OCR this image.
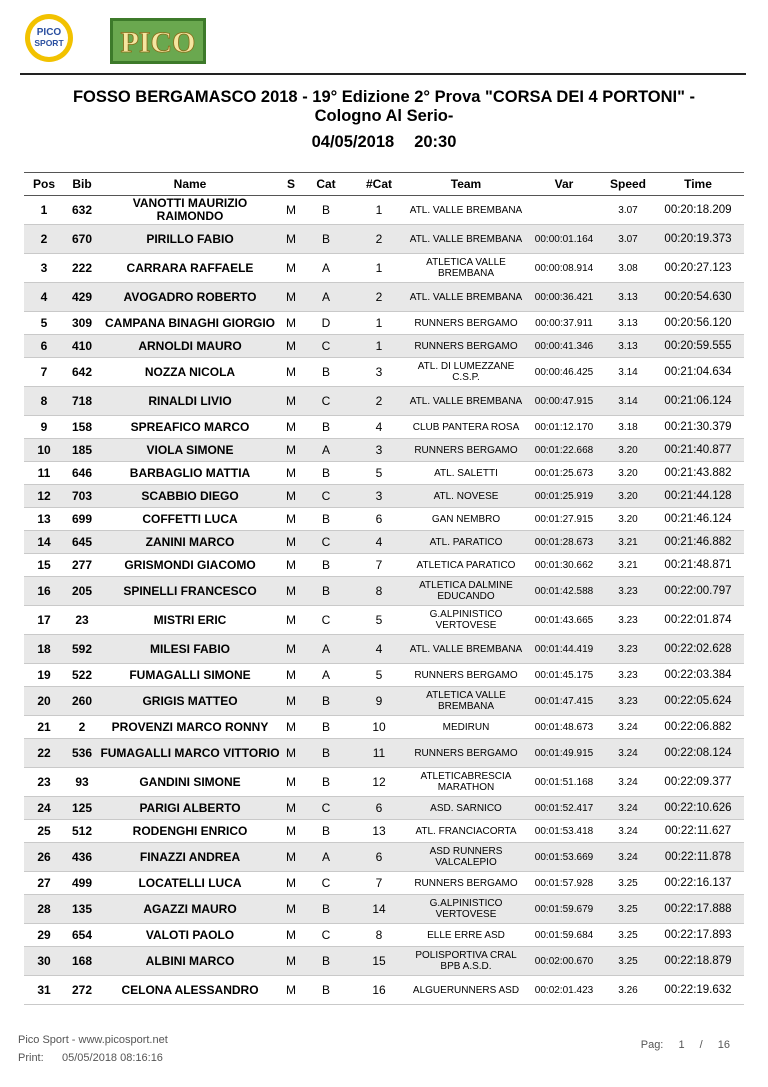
PICO
SPORT PICO
FOSSO BERGAMASCO 2018 - 19° Edizione 2° Prova "CORSA DEI 4 PORTONI" - Cologno Al Serio-
04/05/2018 20:30
Pos	Bib	Name	S	Cat	#Cat	Team	Var	Speed	Time
1	632	VANOTTI MAURIZIO RAIMONDO	M	B	1	ATL. VALLE BREMBANA		3.07	00:20:18.209
2	670	PIRILLO FABIO	M	B	2	ATL. VALLE BREMBANA	00:00:01.164	3.07	00:20:19.373
3	222	CARRARA RAFFAELE	M	A	1	ATLETICA VALLE BREMBANA	00:00:08.914	3.08	00:20:27.123
4	429	AVOGADRO ROBERTO	M	A	2	ATL. VALLE BREMBANA	00:00:36.421	3.13	00:20:54.630
5	309	CAMPANA BINAGHI GIORGIO	M	D	1	RUNNERS BERGAMO	00:00:37.911	3.13	00:20:56.120
6	410	ARNOLDI MAURO	M	C	1	RUNNERS BERGAMO	00:00:41.346	3.13	00:20:59.555
7	642	NOZZA NICOLA	M	B	3	ATL. DI LUMEZZANE C.S.P.	00:00:46.425	3.14	00:21:04.634
8	718	RINALDI LIVIO	M	C	2	ATL. VALLE BREMBANA	00:00:47.915	3.14	00:21:06.124
9	158	SPREAFICO MARCO	M	B	4	CLUB PANTERA ROSA	00:01:12.170	3.18	00:21:30.379
10	185	VIOLA SIMONE	M	A	3	RUNNERS BERGAMO	00:01:22.668	3.20	00:21:40.877
11	646	BARBAGLIO MATTIA	M	B	5	ATL. SALETTI	00:01:25.673	3.20	00:21:43.882
12	703	SCABBIO DIEGO	M	C	3	ATL. NOVESE	00:01:25.919	3.20	00:21:44.128
13	699	COFFETTI LUCA	M	B	6	GAN NEMBRO	00:01:27.915	3.20	00:21:46.124
14	645	ZANINI MARCO	M	C	4	ATL. PARATICO	00:01:28.673	3.21	00:21:46.882
15	277	GRISMONDI GIACOMO	M	B	7	ATLETICA PARATICO	00:01:30.662	3.21	00:21:48.871
16	205	SPINELLI FRANCESCO	M	B	8	ATLETICA DALMINE EDUCANDO	00:01:42.588	3.23	00:22:00.797
17	23	MISTRI ERIC	M	C	5	G.ALPINISTICO VERTOVESE	00:01:43.665	3.23	00:22:01.874
18	592	MILESI FABIO	M	A	4	ATL. VALLE BREMBANA	00:01:44.419	3.23	00:22:02.628
19	522	FUMAGALLI SIMONE	M	A	5	RUNNERS BERGAMO	00:01:45.175	3.23	00:22:03.384
20	260	GRIGIS MATTEO	M	B	9	ATLETICA VALLE BREMBANA	00:01:47.415	3.23	00:22:05.624
21	2	PROVENZI MARCO RONNY	M	B	10	MEDIRUN	00:01:48.673	3.24	00:22:06.882
22	536	FUMAGALLI MARCO VITTORIO	M	B	11	RUNNERS BERGAMO	00:01:49.915	3.24	00:22:08.124
23	93	GANDINI SIMONE	M	B	12	ATLETICABRESCIA MARATHON	00:01:51.168	3.24	00:22:09.377
24	125	PARIGI ALBERTO	M	C	6	ASD. SARNICO	00:01:52.417	3.24	00:22:10.626
25	512	RODENGHI ENRICO	M	B	13	ATL. FRANCIACORTA	00:01:53.418	3.24	00:22:11.627
26	436	FINAZZI ANDREA	M	A	6	ASD RUNNERS VALCALEPIO	00:01:53.669	3.24	00:22:11.878
27	499	LOCATELLI LUCA	M	C	7	RUNNERS BERGAMO	00:01:57.928	3.25	00:22:16.137
28	135	AGAZZI MAURO	M	B	14	G.ALPINISTICO VERTOVESE	00:01:59.679	3.25	00:22:17.888
29	654	VALOTI PAOLO	M	C	8	ELLE ERRE ASD	00:01:59.684	3.25	00:22:17.893
30	168	ALBINI MARCO	M	B	15	POLISPORTIVA CRAL BPB A.S.D.	00:02:00.670	3.25	00:22:18.879
31	272	CELONA ALESSANDRO	M	B	16	ALGUERUNNERS ASD	00:02:01.423	3.26	00:22:19.632
Pico Sport - www.picosport.net
Print: 05/05/2018 08:16:16
Pag: 1 / 16
